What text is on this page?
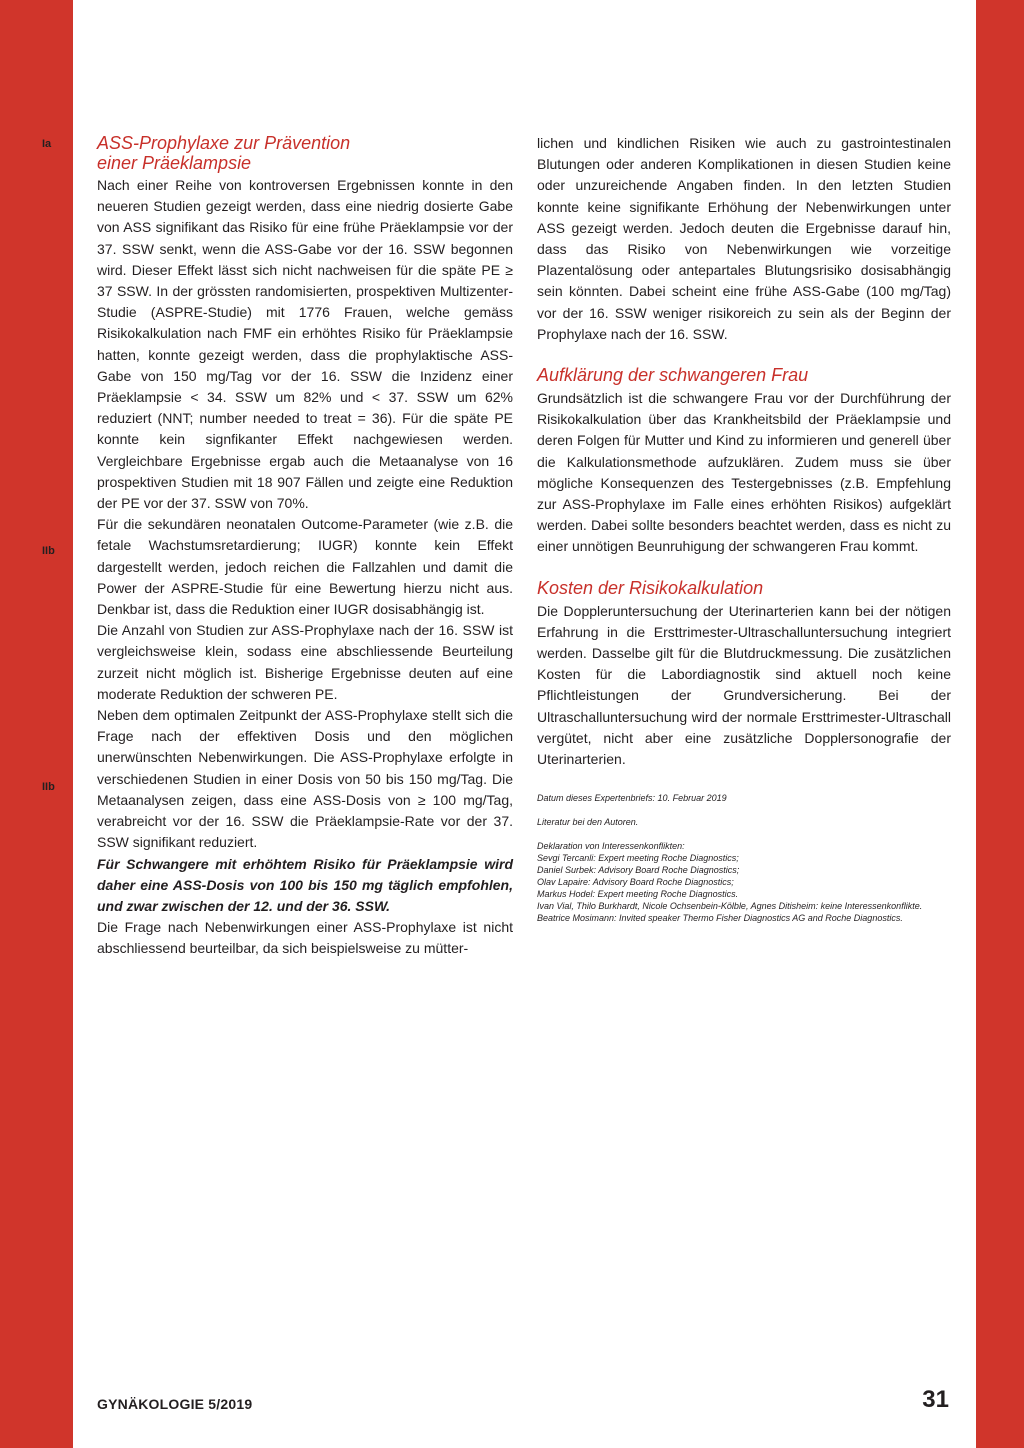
Ia
IIb
IIb
ASS-Prophylaxe zur Prävention
einer Präeklampsie

Nach einer Reihe von kontroversen Ergebnissen konnte in den neueren Studien gezeigt werden, dass eine niedrig dosierte Gabe von ASS signifikant das Risiko für eine frühe Präeklampsie vor der 37. SSW senkt, wenn die ASS-Gabe vor der 16. SSW begonnen wird. Dieser Effekt lässt sich nicht nachweisen für die späte PE ≥ 37 SSW. In der grössten randomisierten, prospektiven Multizenter-Studie (ASPRE-Studie) mit 1776 Frauen, welche gemäss Risikokalkulation nach FMF ein erhöhtes Risiko für Präeklampsie hatten, konnte gezeigt werden, dass die prophylaktische ASS-Gabe von 150 mg/Tag vor der 16. SSW die Inzidenz einer Präeklampsie < 34. SSW um 82% und < 37. SSW um 62% reduziert (NNT; number needed to treat = 36). Für die späte PE konnte kein signfikanter Effekt nachgewiesen werden. Vergleichbare Ergebnisse ergab auch die Metaanalyse von 16 prospektiven Studien mit 18 907 Fällen und zeigte eine Reduktion der PE vor der 37. SSW von 70%.

Für die sekundären neonatalen Outcome-Parameter (wie z.B. die fetale Wachstumsretardierung; IUGR) konnte kein Effekt dargestellt werden, jedoch reichen die Fallzahlen und damit die Power der ASPRE-Studie für eine Bewertung hierzu nicht aus. Denkbar ist, dass die Reduktion einer IUGR dosisabhängig ist.

Die Anzahl von Studien zur ASS-Prophylaxe nach der 16. SSW ist vergleichsweise klein, sodass eine abschliessende Beurteilung zurzeit nicht möglich ist. Bisherige Ergebnisse deuten auf eine moderate Reduktion der schweren PE.

Neben dem optimalen Zeitpunkt der ASS-Prophylaxe stellt sich die Frage nach der effektiven Dosis und den möglichen unerwünschten Nebenwirkungen. Die ASS-Prophylaxe erfolgte in verschiedenen Studien in einer Dosis von 50 bis 150 mg/Tag. Die Metaanalysen zeigen, dass eine ASS-Dosis von ≥ 100 mg/Tag, verabreicht vor der 16. SSW die Präeklampsie-Rate vor der 37. SSW signifikant reduziert.

Für Schwangere mit erhöhtem Risiko für Präeklampsie wird daher eine ASS-Dosis von 100 bis 150 mg täglich empfohlen, und zwar zwischen der 12. und der 36. SSW.

Die Frage nach Nebenwirkungen einer ASS-Prophylaxe ist nicht abschliessend beurteilbar, da sich beispielsweise zu mütter-

lichen und kindlichen Risiken wie auch zu gastrointestinalen Blutungen oder anderen Komplikationen in diesen Studien keine oder unzureichende Angaben finden. In den letzten Studien konnte keine signifikante Erhöhung der Nebenwirkungen unter ASS gezeigt werden. Jedoch deuten die Ergebnisse darauf hin, dass das Risiko von Nebenwirkungen wie vorzeitige Plazentalösung oder antepartales Blutungsrisiko dosisabhängig sein könnten. Dabei scheint eine frühe ASS-Gabe (100 mg/Tag) vor der 16. SSW weniger risikoreich zu sein als der Beginn der Prophylaxe nach der 16. SSW.

Aufklärung der schwangeren Frau

Grundsätzlich ist die schwangere Frau vor der Durchführung der Risikokalkulation über das Krankheitsbild der Präeklampsie und deren Folgen für Mutter und Kind zu informieren und generell über die Kalkulationsmethode aufzuklären. Zudem muss sie über mögliche Konsequenzen des Testergebnisses (z.B. Empfehlung zur ASS-Prophylaxe im Falle eines erhöhten Risikos) aufgeklärt werden. Dabei sollte besonders beachtet werden, dass es nicht zu einer unnötigen Beunruhigung der schwangeren Frau kommt.

Kosten der Risikokalkulation

Die Doppleruntersuchung der Uterinarterien kann bei der nötigen Erfahrung in die Ersttrimester-Ultraschalluntersuchung integriert werden. Dasselbe gilt für die Blutdruckmessung. Die zusätzlichen Kosten für die Labordiagnostik sind aktuell noch keine Pflichtleistungen der Grundversicherung. Bei der Ultraschalluntersuchung wird der normale Ersttrimester-Ultraschall vergütet, nicht aber eine zusätzliche Dopplersonografie der Uterinarterien.

Datum dieses Expertenbriefs: 10. Februar 2019

Literatur bei den Autoren.

Deklaration von Interessenkonflikten:
Sevgi Tercanli: Expert meeting Roche Diagnostics;
Daniel Surbek: Advisory Board Roche Diagnostics;
Olav Lapaire: Advisory Board Roche Diagnostics;
Markus Hodel: Expert meeting Roche Diagnostics.
Ivan Vial, Thilo Burkhardt, Nicole Ochsenbein-Kölble, Agnes Ditisheim: keine Interessenkonflikte.
Beatrice Mosimann: Invited speaker Thermo Fisher Diagnostics AG and Roche Diagnostics.
GYNÄKOLOGIE 5/2019	31
